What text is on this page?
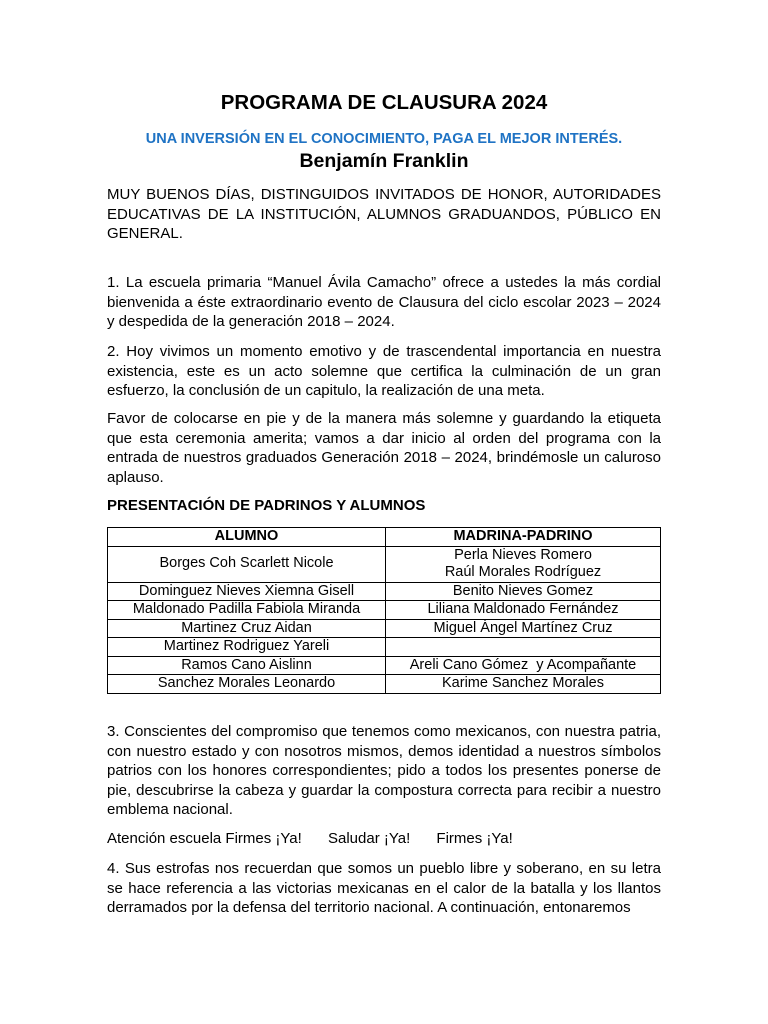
PROGRAMA DE CLAUSURA 2024

UNA INVERSIÓN EN EL CONOCIMIENTO, PAGA EL MEJOR INTERÉS.

Benjamín Franklin

MUY BUENOS DÍAS, DISTINGUIDOS INVITADOS DE HONOR, AUTORIDADES EDUCATIVAS DE LA INSTITUCIÓN, ALUMNOS GRADUANDOS, PÚBLICO EN GENERAL.

1. La escuela primaria “Manuel Ávila Camacho” ofrece a ustedes la más cordial bienvenida a éste extraordinario evento de Clausura del ciclo escolar 2023 – 2024 y despedida de la generación 2018 – 2024.

2. Hoy vivimos un momento emotivo y de trascendental importancia en nuestra existencia, este es un acto solemne que certifica la culminación de un gran esfuerzo, la conclusión de un capitulo, la realización de una meta.

Favor de colocarse en pie y de la manera más solemne y guardando la etiqueta que esta ceremonia amerita; vamos a dar inicio al orden del programa con la entrada de nuestros graduados Generación 2018 – 2024, brindémosle un caluroso aplauso.

PRESENTACIÓN DE PADRINOS Y ALUMNOS
ALUMNO	MADRINA-PADRINO
Borges Coh Scarlett Nicole	Perla Nieves Romero
Raúl Morales Rodríguez

Dominguez Nieves Xiemna Gisell	Benito Nieves Gomez
Maldonado Padilla Fabiola Miranda	Liliana Maldonado Fernández
Martinez Cruz Aidan	Miguel Ángel Martínez Cruz
Martinez Rodriguez Yareli	
Ramos Cano Aislinn	Areli Cano Gómez  y Acompañante
Sanchez Morales Leonardo	Karime Sanchez Morales

3. Conscientes del compromiso que tenemos como mexicanos, con nuestra patria, con nuestro estado y con nosotros mismos, demos identidad a nuestros símbolos patrios con los honores correspondientes; pido a todos los presentes ponerse de pie, descubrirse la cabeza y guardar la compostura correcta para recibir a nuestro emblema nacional.

Atención escuela Firmes ¡Ya! Saludar ¡Ya! Firmes ¡Ya!

4. Sus estrofas nos recuerdan que somos un pueblo libre y soberano, en su letra se hace referencia a las victorias mexicanas en el calor de la batalla y los llantos derramados por la defensa del territorio nacional. A continuación, entonaremos
